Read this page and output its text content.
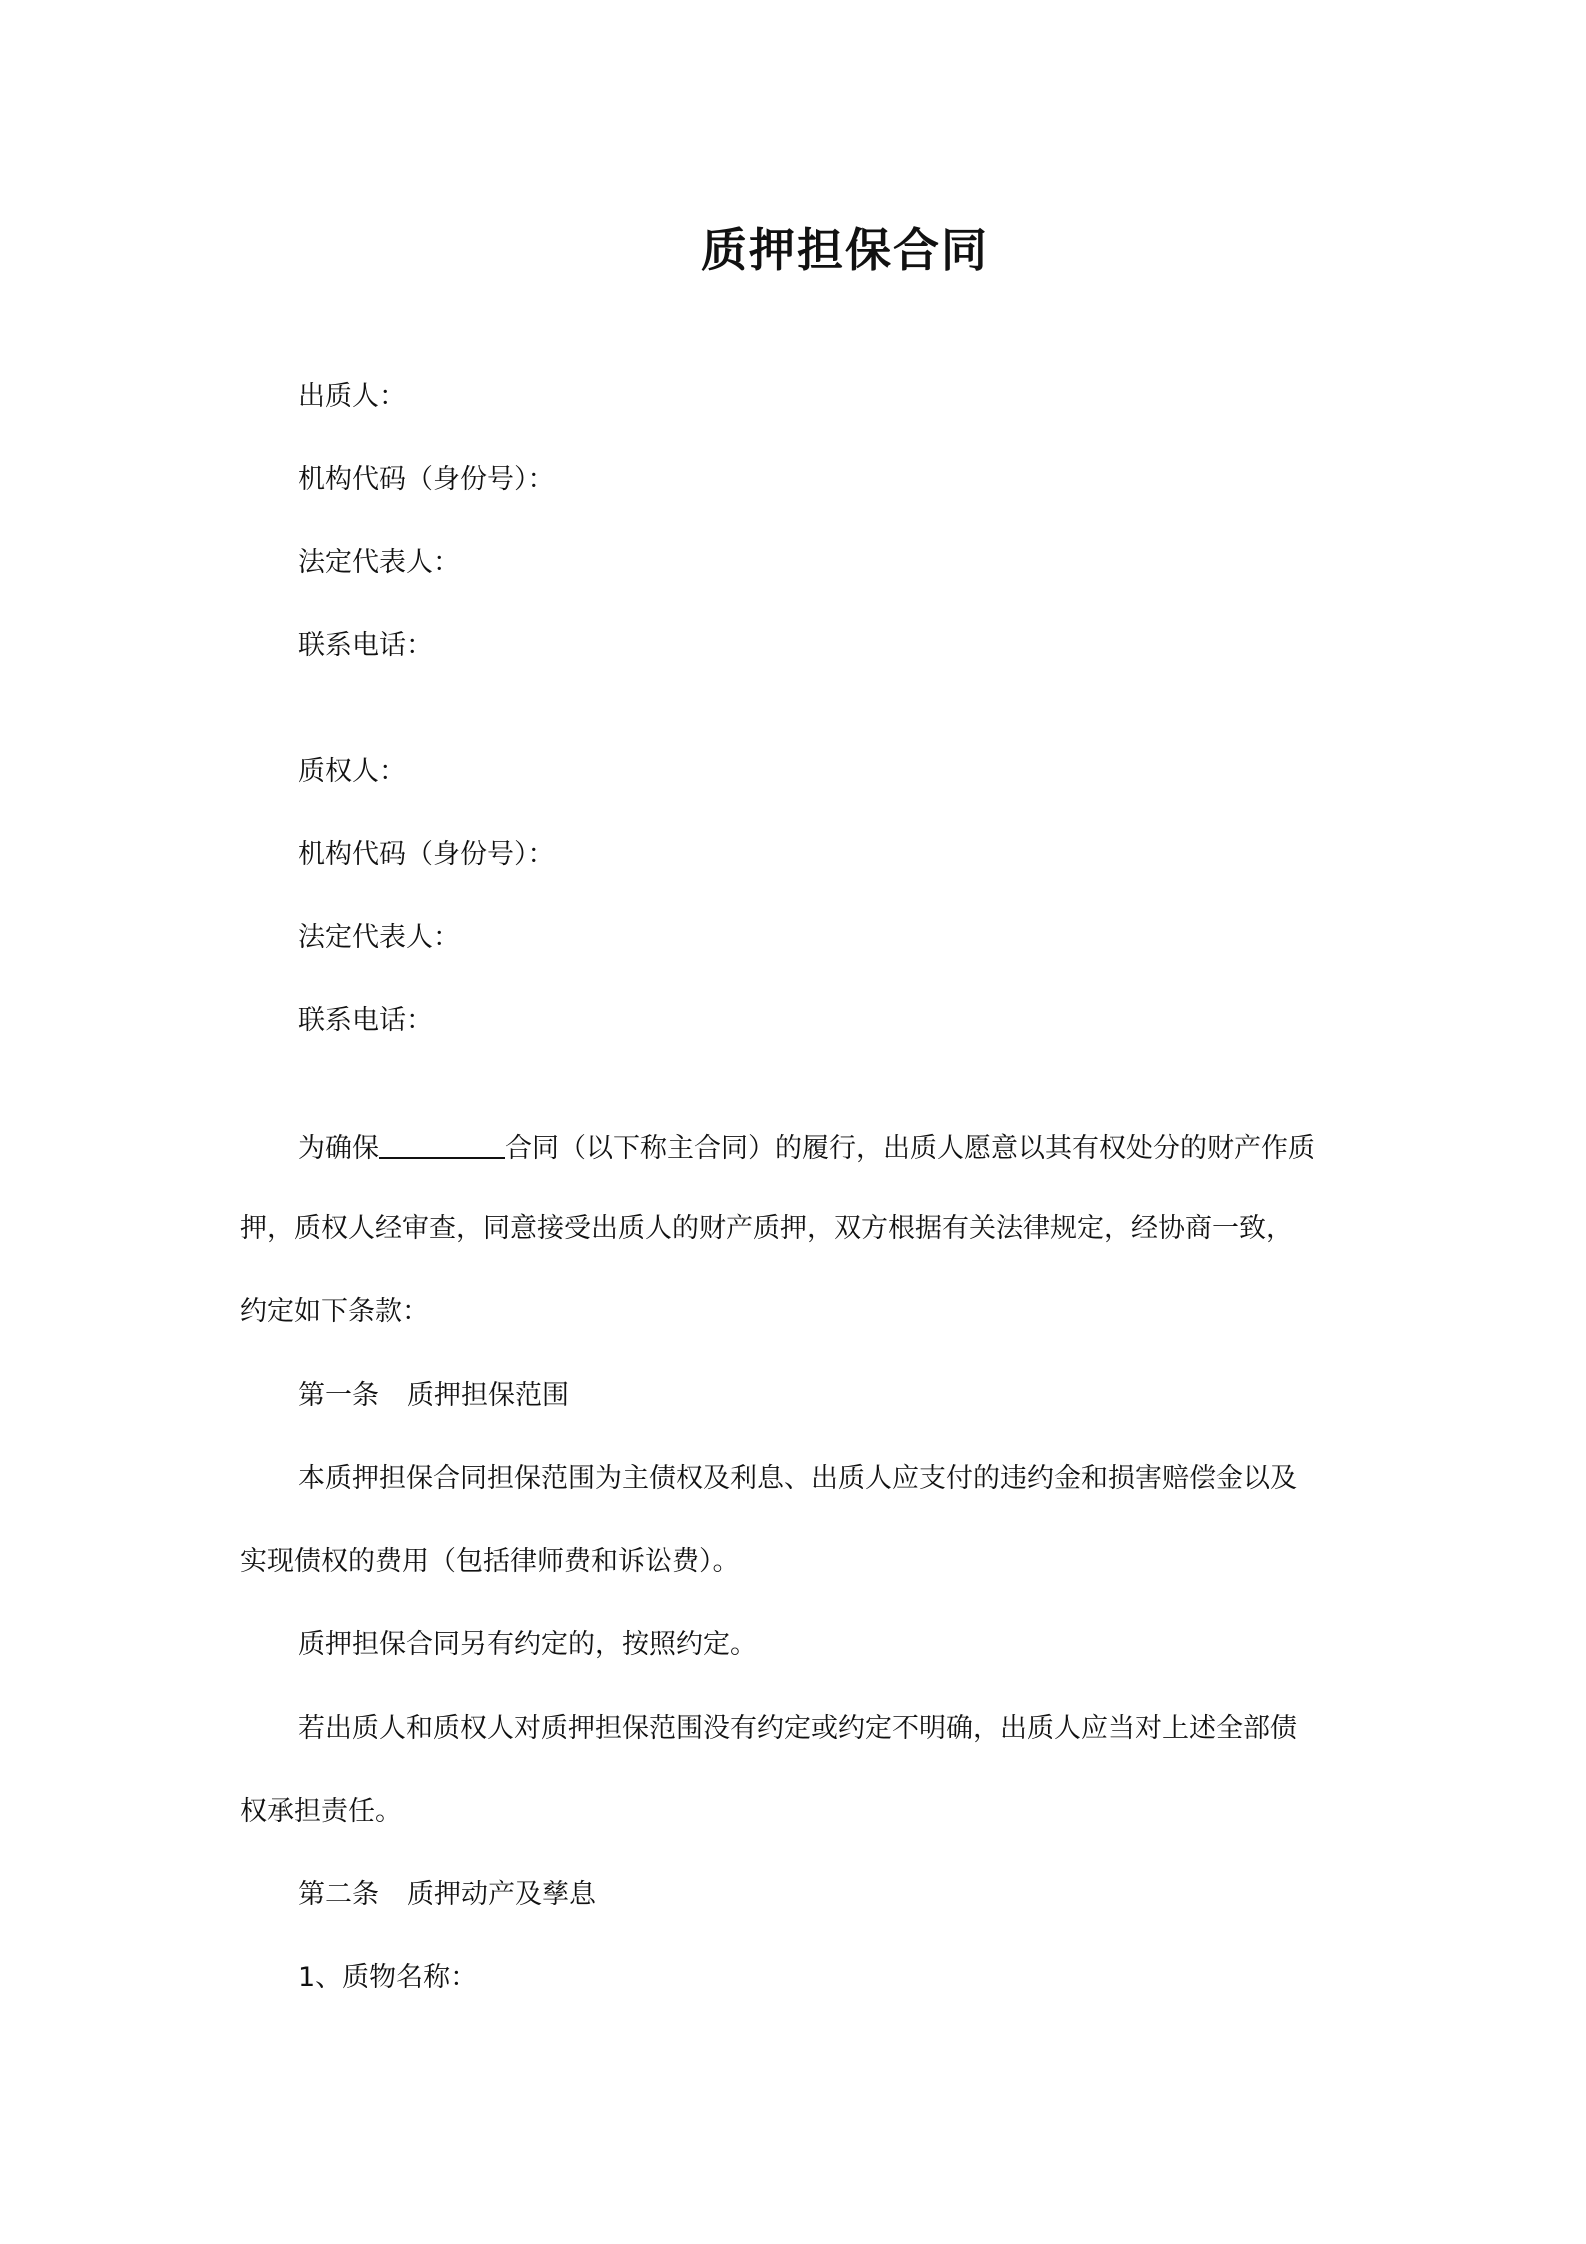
质押担保合同

出质人：

机构代码（身份号）：

法定代表人：

联系电话：

质权人：

机构代码（身份号）：

法定代表人：

联系电话：

为确保	合同（以下称主合同）的履行，出质人愿意以其有权处分的财产作质

押，质权人经审查，同意接受出质人的财产质押，双方根据有关法律规定，经协商一致，

约定如下条款：

第一条 质押担保范围

本质押担保合同担保范围为主债权及利息、出质人应支付的违约金和损害赔偿金以及

实现债权的费用（包括律师费和诉讼费）。

质押担保合同另有约定的，按照约定。

若出质人和质权人对质押担保范围没有约定或约定不明确，出质人应当对上述全部债

权承担责任。

第二条 质押动产及孳息

1、质物名称：
